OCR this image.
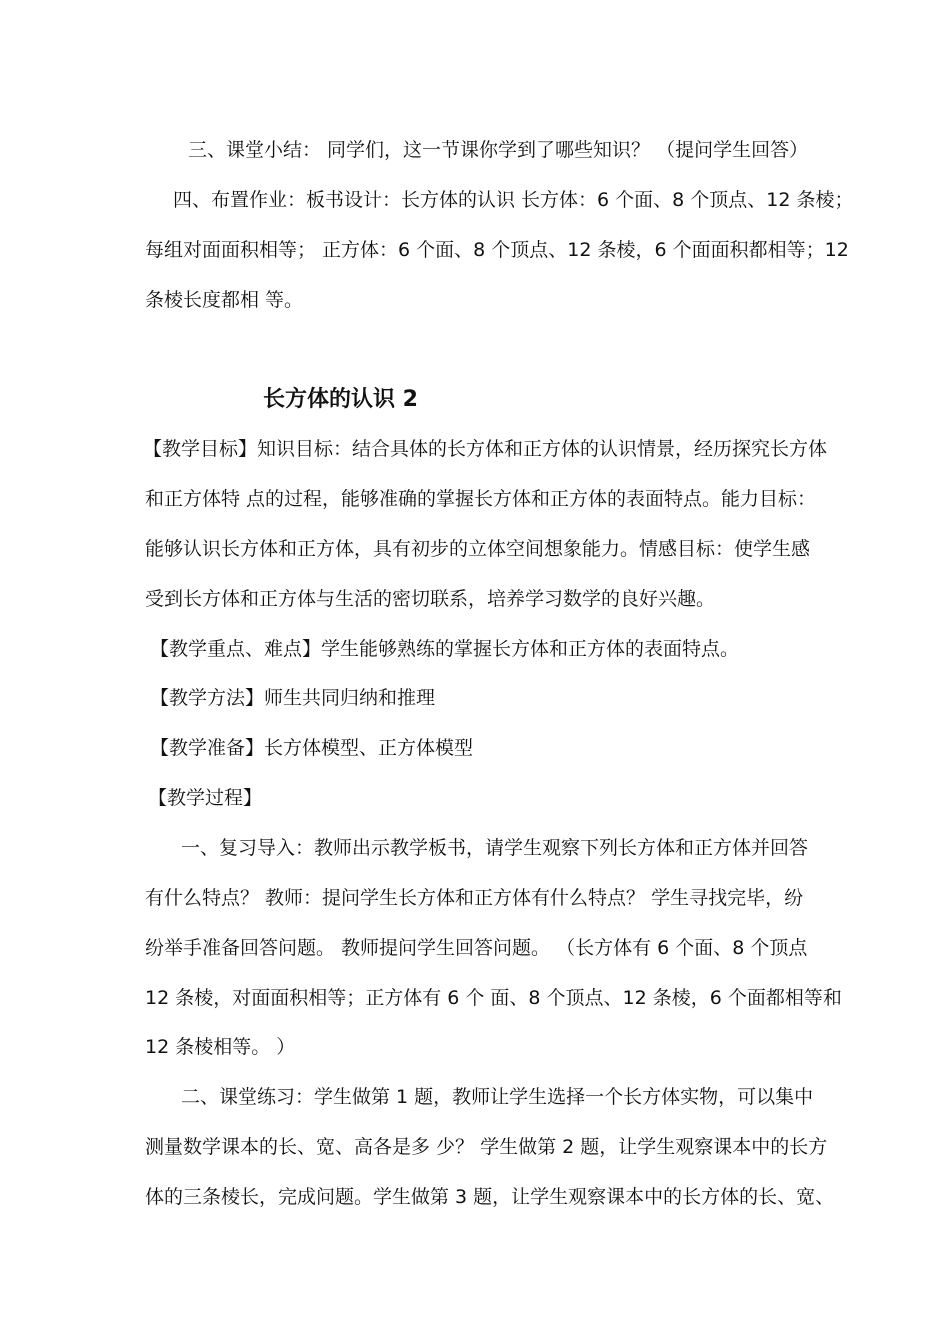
三、课堂小结： 同学们，这一节课你学到了哪些知识？ （提问学生回答）
四、布置作业：板书设计：长方体的认识 长方体：6 个面、8 个顶点、12 条棱；
每组对面面积相等； 正方体：6 个面、8 个顶点、12 条棱，6 个面面积都相等；12
条棱长度都相 等。
长方体的认识 2
【教学目标】知识目标：结合具体的长方体和正方体的认识情景，经历探究长方体
和正方体特 点的过程，能够准确的掌握长方体和正方体的表面特点。能力目标：
能够认识长方体和正方体，具有初步的立体空间想象能力。情感目标：使学生感
受到长方体和正方体与生活的密切联系，培养学习数学的良好兴趣。
【教学重点、难点】学生能够熟练的掌握长方体和正方体的表面特点。
【教学方法】师生共同归纳和推理
【教学准备】长方体模型、正方体模型
【教学过程】
一、复习导入：教师出示教学板书，请学生观察下列长方体和正方体并回答
有什么特点？ 教师：提问学生长方体和正方体有什么特点？ 学生寻找完毕，纷
纷举手准备回答问题。 教师提问学生回答问题。 （长方体有 6 个面、8 个顶点
12 条棱，对面面积相等；正方体有 6 个 面、8 个顶点、12 条棱，6 个面都相等和
12 条棱相等。 ）
二、课堂练习：学生做第 1 题，教师让学生选择一个长方体实物，可以集中
测量数学课本的长、宽、高各是多 少？ 学生做第 2 题，让学生观察课本中的长方
体的三条棱长，完成问题。学生做第 3 题，让学生观察课本中的长方体的长、宽、
